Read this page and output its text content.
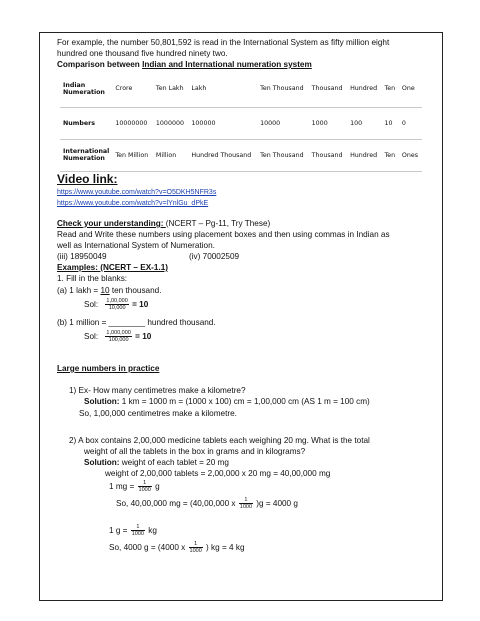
For example, the number 50,801,592 is read in the International System as fifty million eight
hundred one thousand five hundred ninety two.
Comparison between Indian and International numeration system
Indian Numeration	Crore	Ten Lakh	Lakh	Ten Thousand	Thousand	Hundred	Ten	One
Numbers	10000000	1000000	100000	10000	1000	100	10	0
International Numeration	Ten Million	Million	Hundred Thousand	Ten Thousand	Thousand	Hundred	Ten	Ones
Video link:
https://www.youtube.com/watch?v=O5DKH5NFR3s
https://www.youtube.com/watch?v=lYnlGu_dPkE
Check your understanding: (NCERT – Pg-11, Try These)
Read and Write these numbers using placement boxes and then using commas in Indian as
well as International System of Numeration.
(iii) 18950049	(iv) 70002509
Examples: (NCERT – EX-1.1)
1. Fill in the blanks:
(a) 1 lakh = 10 ten thousand.
Sol: $\frac{1,00,000}{10,000} = 10$
(b) 1 million = ________ hundred thousand.
Sol: $\frac{1,000,000}{100,000} = 10$
Large numbers in practice
1) Ex- How many centimetres make a kilometre?
Solution: 1 km = 1000 m = (1000 x 100) cm = 1,00,000 cm (AS 1 m = 100 cm)
So, 1,00,000 centimetres make a kilometre.
2) A box contains 2,00,000 medicine tablets each weighing 20 mg. What is the total
weight of all the tablets in the box in grams and in kilograms?
Solution: weight of each tablet = 20 mg
weight of 2,00,000 tablets = 2,00,000 x 20 mg = 40,00,000 mg
1 mg = $\frac{1}{1000}$ g
So, 40,00,000 mg = (40,00,000 x $\frac{1}{1000} )g = 4000$ g
1 $g = \frac{1}{1000}$ kg
So, 4000 g = (4000 x $\frac{1}{1000}$ ) kg = 4 kg
